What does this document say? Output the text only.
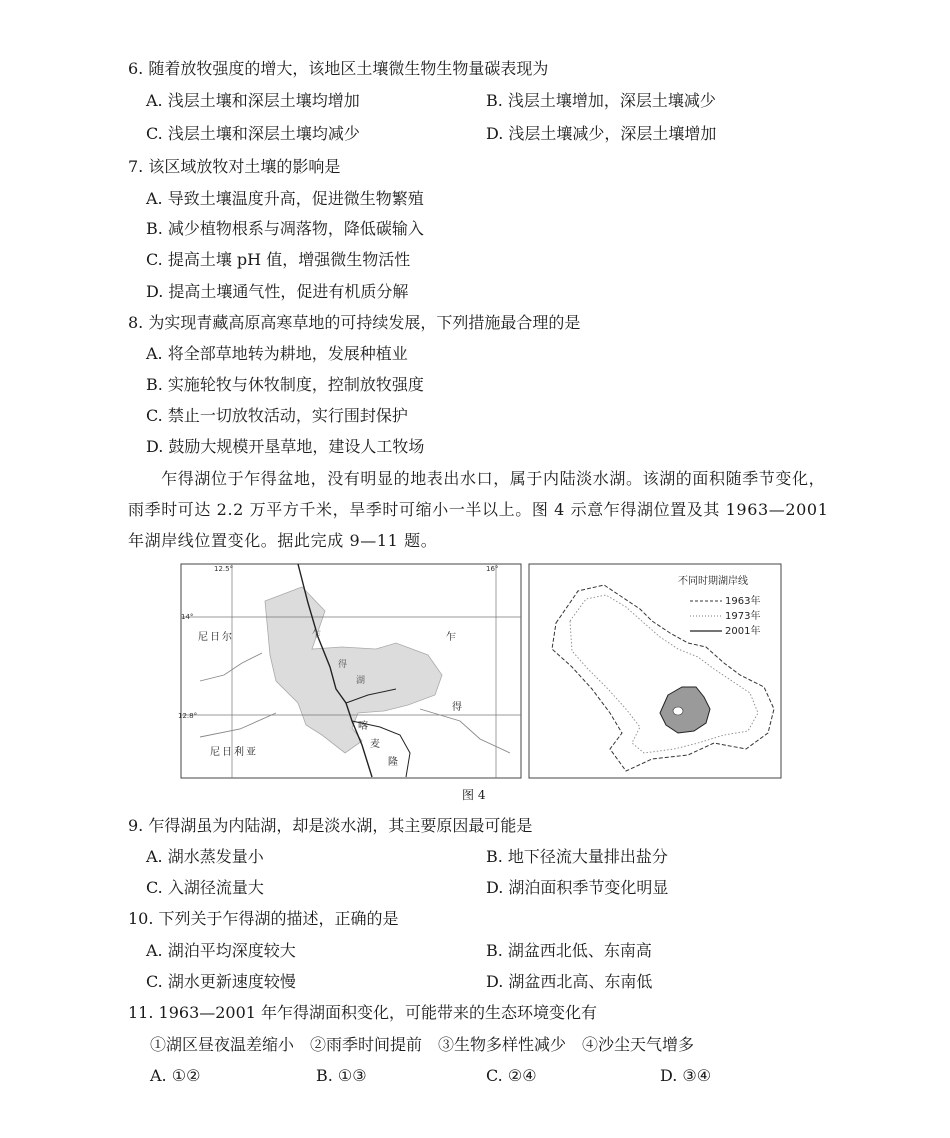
6. 随着放牧强度的增大，该地区土壤微生物生物量碳表现为
A. 浅层土壤和深层土壤均增加	B. 浅层土壤增加，深层土壤减少
C. 浅层土壤和深层土壤均减少	D. 浅层土壤减少，深层土壤增加
7. 该区域放牧对土壤的影响是
A. 导致土壤温度升高，促进微生物繁殖
B. 减少植物根系与凋落物，降低碳输入
C. 提高土壤 pH 值，增强微生物活性
D. 提高土壤通气性，促进有机质分解
8. 为实现青藏高原高寒草地的可持续发展，下列措施最合理的是
A. 将全部草地转为耕地，发展种植业
B. 实施轮牧与休牧制度，控制放牧强度
C. 禁止一切放牧活动，实行围封保护
D. 鼓励大规模开垦草地，建设人工牧场

　　乍得湖位于乍得盆地，没有明显的地表出水口，属于内陆淡水湖。该湖的面积随季节变化，

雨季时可达 2.2 万平方千米，旱季时可缩小一半以上。图 4 示意乍得湖位置及其 1963—2001

年湖岸线位置变化。据此完成 9—11 题。

12.5°	16°
14°
12.8°
尼日尔	乍
得
乍
得
湖
尼日利亚
喀
麦
隆
不同时期湖岸线
1963年
1973年
2001年
图 4
9. 乍得湖虽为内陆湖，却是淡水湖，其主要原因最可能是
A. 湖水蒸发量小	B. 地下径流大量排出盐分
C. 入湖径流量大	D. 湖泊面积季节变化明显
10. 下列关于乍得湖的描述，正确的是
A. 湖泊平均深度较大	B. 湖盆西北低、东南高
C. 湖水更新速度较慢	D. 湖盆西北高、东南低
11. 1963—2001 年乍得湖面积变化，可能带来的生态环境变化有
①湖区昼夜温差缩小　②雨季时间提前　③生物多样性减少　④沙尘天气增多
A. ①②	B. ①③	C. ②④	D. ③④
